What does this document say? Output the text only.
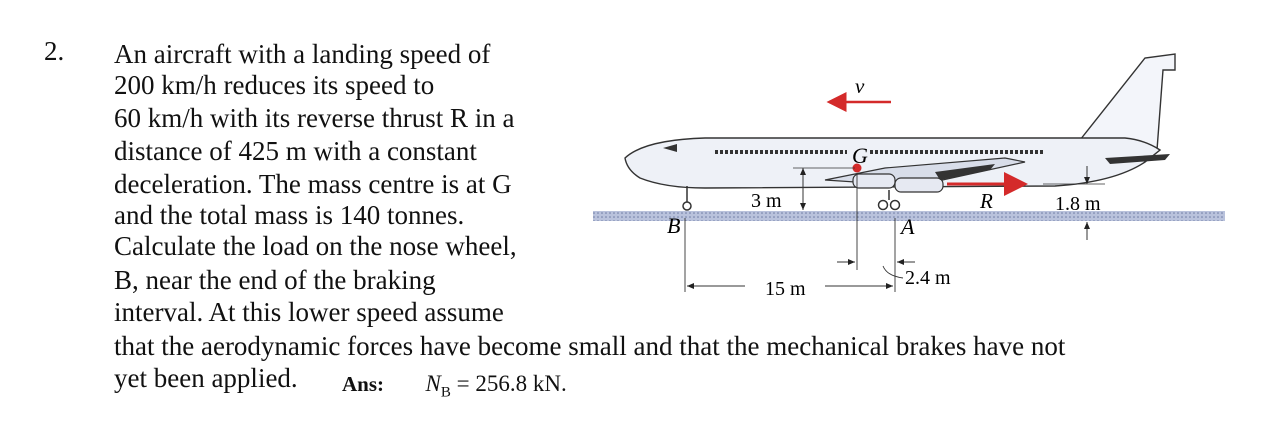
2. An aircraft with a landing speed of
200 km/h reduces its speed to
60 km/h with its reverse thrust R in a
distance of 425 m with a constant
deceleration. The mass centre is at G
and the total mass is 140 tonnes.
Calculate the load on the nose wheel,
B, near the end of the braking
interval. At this lower speed assume
that the aerodynamic forces have become small and that the mechanical brakes have not
yet been applied. Ans: $N_B = 256.8$ kN.
G
v
R
B	A
3 m
15 m	2.4 m
1.8 m
